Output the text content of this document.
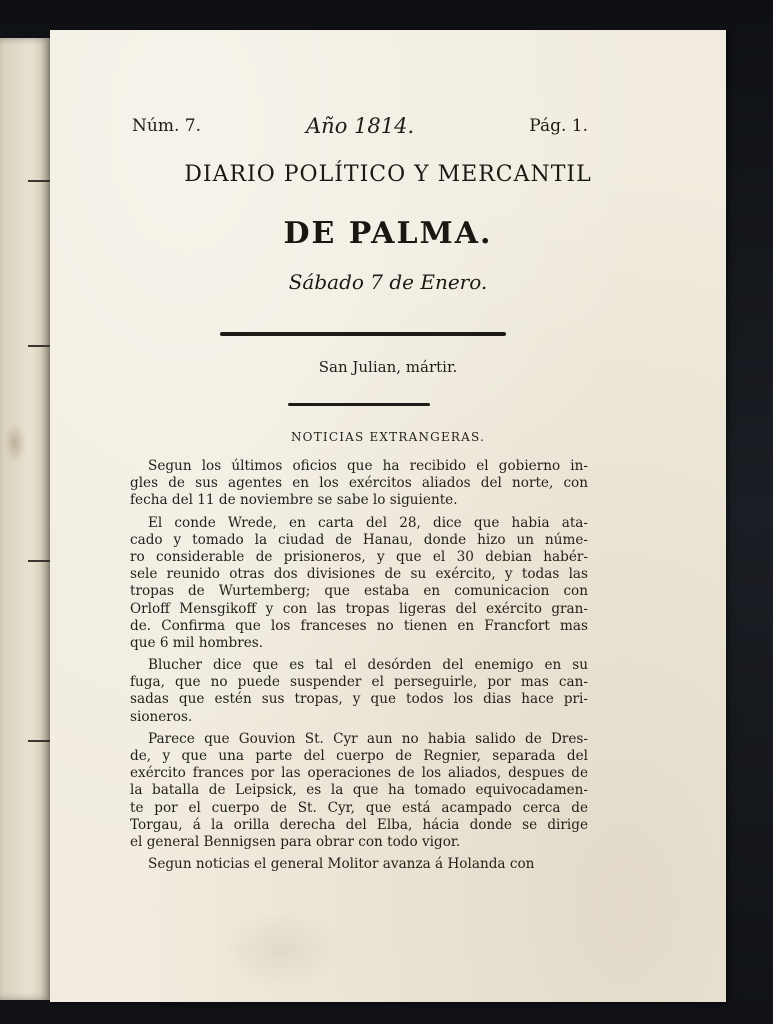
Núm. 7.	Año 1814.	Pág. 1.
DIARIO POLÍTICO Y MERCANTIL
DE PALMA.
Sábado 7 de Enero.
San Julian, mártir.
NOTICIAS EXTRANGERAS.
Segun los últimos oficios que ha recibido el gobierno in-
gles de sus agentes en los exércitos aliados del norte, con
fecha del 11 de noviembre se sabe lo siguiente.
El conde Wrede, en carta del 28, dice que habia ata-
cado y tomado la ciudad de Hanau, donde hizo un núme-
ro considerable de prisioneros, y que el 30 debian habér-
sele reunido otras dos divisiones de su exército, y todas las
tropas de Wurtemberg; que estaba en comunicacion con
Orloff Mensgikoff y con las tropas ligeras del exército gran-
de. Confirma que los franceses no tienen en Francfort mas
que 6 mil hombres.
Blucher dice que es tal el desórden del enemigo en su
fuga, que no puede suspender el perseguirle, por mas can-
sadas que estén sus tropas, y que todos los dias hace pri-
sioneros.
Parece que Gouvion St. Cyr aun no habia salido de Dres-
de, y que una parte del cuerpo de Regnier, separada del
exército frances por las operaciones de los aliados, despues de
la batalla de Leipsick, es la que ha tomado equivocadamen-
te por el cuerpo de St. Cyr, que está acampado cerca de
Torgau, á la orilla derecha del Elba, hácia donde se dirige
el general Bennigsen para obrar con todo vigor.
Segun noticias el general Molitor avanza á Holanda con
